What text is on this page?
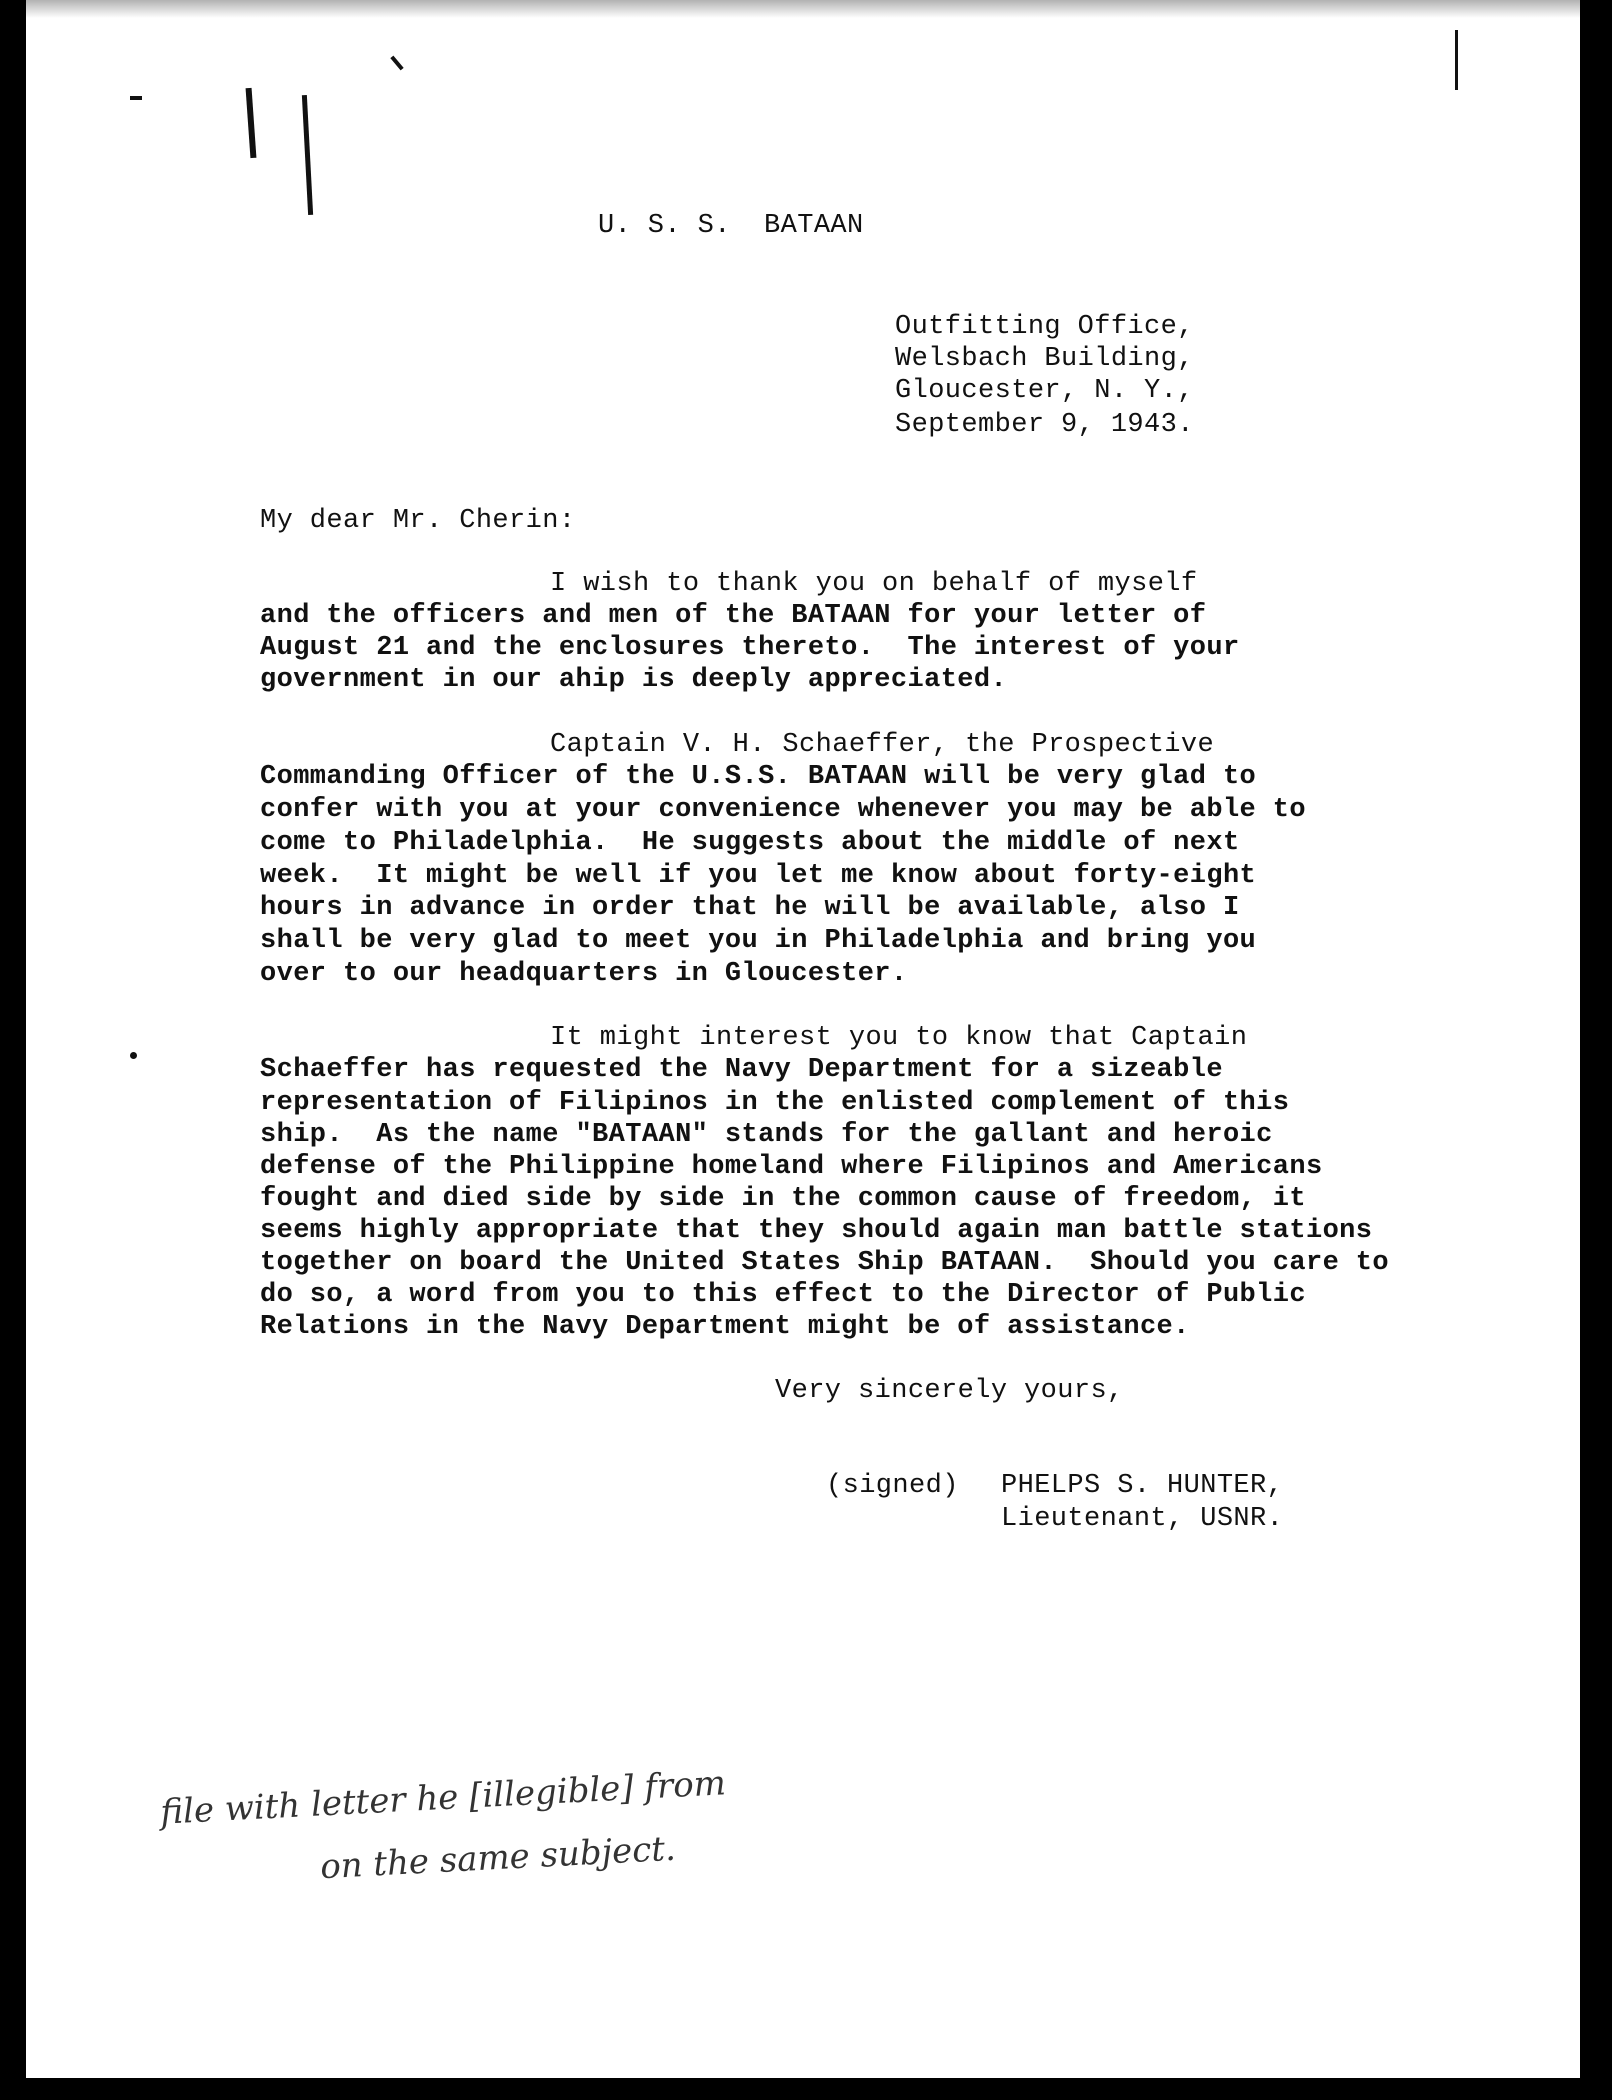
U. S. S.  BATAAN
Outfitting Office,
Welsbach Building,
Gloucester, N. Y.,
September 9, 1943.
My dear Mr. Cherin:
I wish to thank you on behalf of myself
and the officers and men of the BATAAN for your letter of
August 21 and the enclosures thereto.  The interest of your
government in our ahip is deeply appreciated.
Captain V. H. Schaeffer, the Prospective
Commanding Officer of the U.S.S. BATAAN will be very glad to
confer with you at your convenience whenever you may be able to
come to Philadelphia.  He suggests about the middle of next
week.  It might be well if you let me know about forty-eight
hours in advance in order that he will be available, also I
shall be very glad to meet you in Philadelphia and bring you
over to our headquarters in Gloucester.
It might interest you to know that Captain
Schaeffer has requested the Navy Department for a sizeable
representation of Filipinos in the enlisted complement of this
ship.  As the name "BATAAN" stands for the gallant and heroic
defense of the Philippine homeland where Filipinos and Americans
fought and died side by side in the common cause of freedom, it
seems highly appropriate that they should again man battle stations
together on board the United States Ship BATAAN.  Should you care to
do so, a word from you to this effect to the Director of Public
Relations in the Navy Department might be of assistance.
Very sincerely yours,
(signed) PHELPS S. HUNTER,
Lieutenant, USNR.
file with letter he [illegible] from
on the same subject.
